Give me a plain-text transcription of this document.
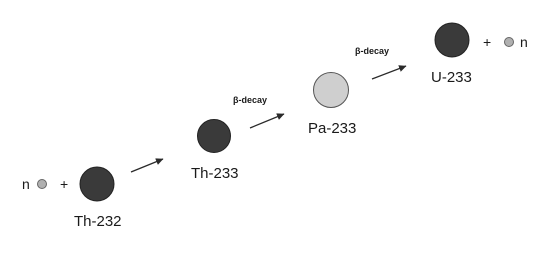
n +
Th-232
Th-233
β-decay
Pa-233
β-decay
U-233
+ n
